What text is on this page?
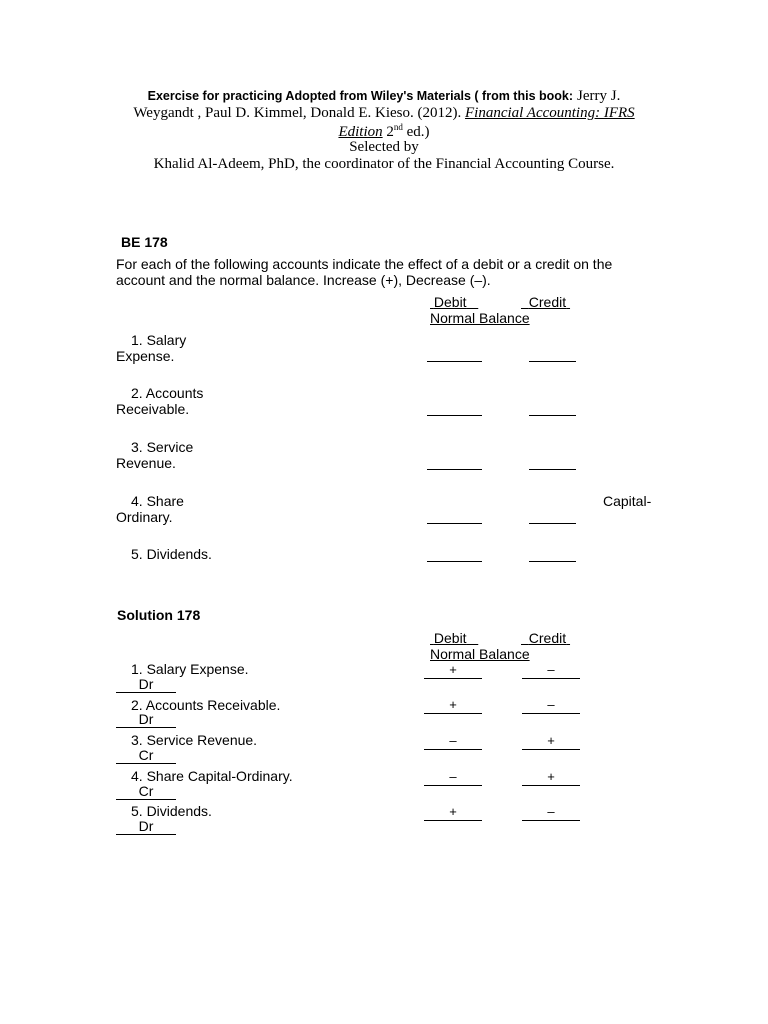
Exercise for practicing Adopted from Wiley's Materials ( from this book: Jerry J.
Weygandt , Paul D. Kimmel, Donald E. Kieso. (2012). Financial Accounting: IFRS
Edition 2nd ed.)
Selected by
Khalid Al-Adeem, PhD, the coordinator of the Financial Accounting Course.
BE 178
For each of the following accounts indicate the effect of a debit or a credit on the
account and the normal balance. Increase (+), Decrease (–).
Debit	Credit
Normal Balance
1. Salary
Expense.
2. Accounts
Receivable.
3. Service
Revenue.
4. Share	Capital-
Ordinary.
5. Dividends.
Solution 178
Debit	Credit
Normal Balance
1. Salary Expense.	+	–
Dr
2. Accounts Receivable.	+	–
Dr
3. Service Revenue.	–	+
Cr
4. Share Capital-Ordinary.	–	+
Cr
5. Dividends.	+	–
Dr
